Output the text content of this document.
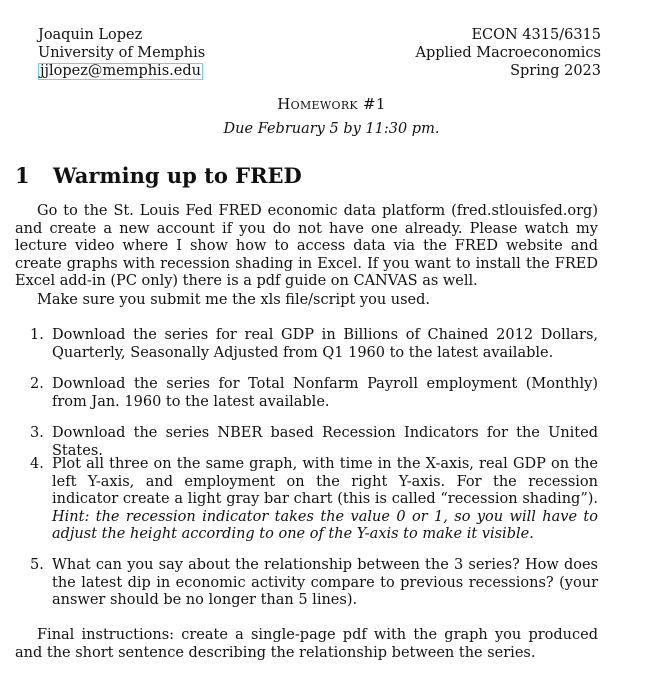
Joaquin Lopez
University of Memphis
jjlopez@memphis.edu
ECON 4315/6315
Applied Macroeconomics
Spring 2023
Homework #1
Due February 5 by 11:30 pm.
1 Warming up to FRED
Go to the St. Louis Fed FRED economic data platform (fred.stlouisfed.org) and create a new account if you do not have one already. Please watch my lecture video where I show how to access data via the FRED website and create graphs with recession shading in Excel. If you want to install the FRED Excel add-in (PC only) there is a pdf guide on CANVAS as well.
Make sure you submit me the xls file/script you used.
1. Download the series for real GDP in Billions of Chained 2012 Dollars, Quarterly, Seasonally Adjusted from Q1 1960 to the latest available.
2. Download the series for Total Nonfarm Payroll employment (Monthly) from Jan. 1960 to the latest available.
3. Download the series NBER based Recession Indicators for the United States.
4. Plot all three on the same graph, with time in the X-axis, real GDP on the left Y-axis, and employment on the right Y-axis. For the recession indicator create a light gray bar chart (this is called “recession shading”). Hint: the recession indicator takes the value 0 or 1, so you will have to adjust the height according to one of the Y-axis to make it visible.
5. What can you say about the relationship between the 3 series? How does the latest dip in economic activity compare to previous recessions? (your answer should be no longer than 5 lines).
Final instructions: create a single-page pdf with the graph you produced and the short sentence describing the relationship between the series.
